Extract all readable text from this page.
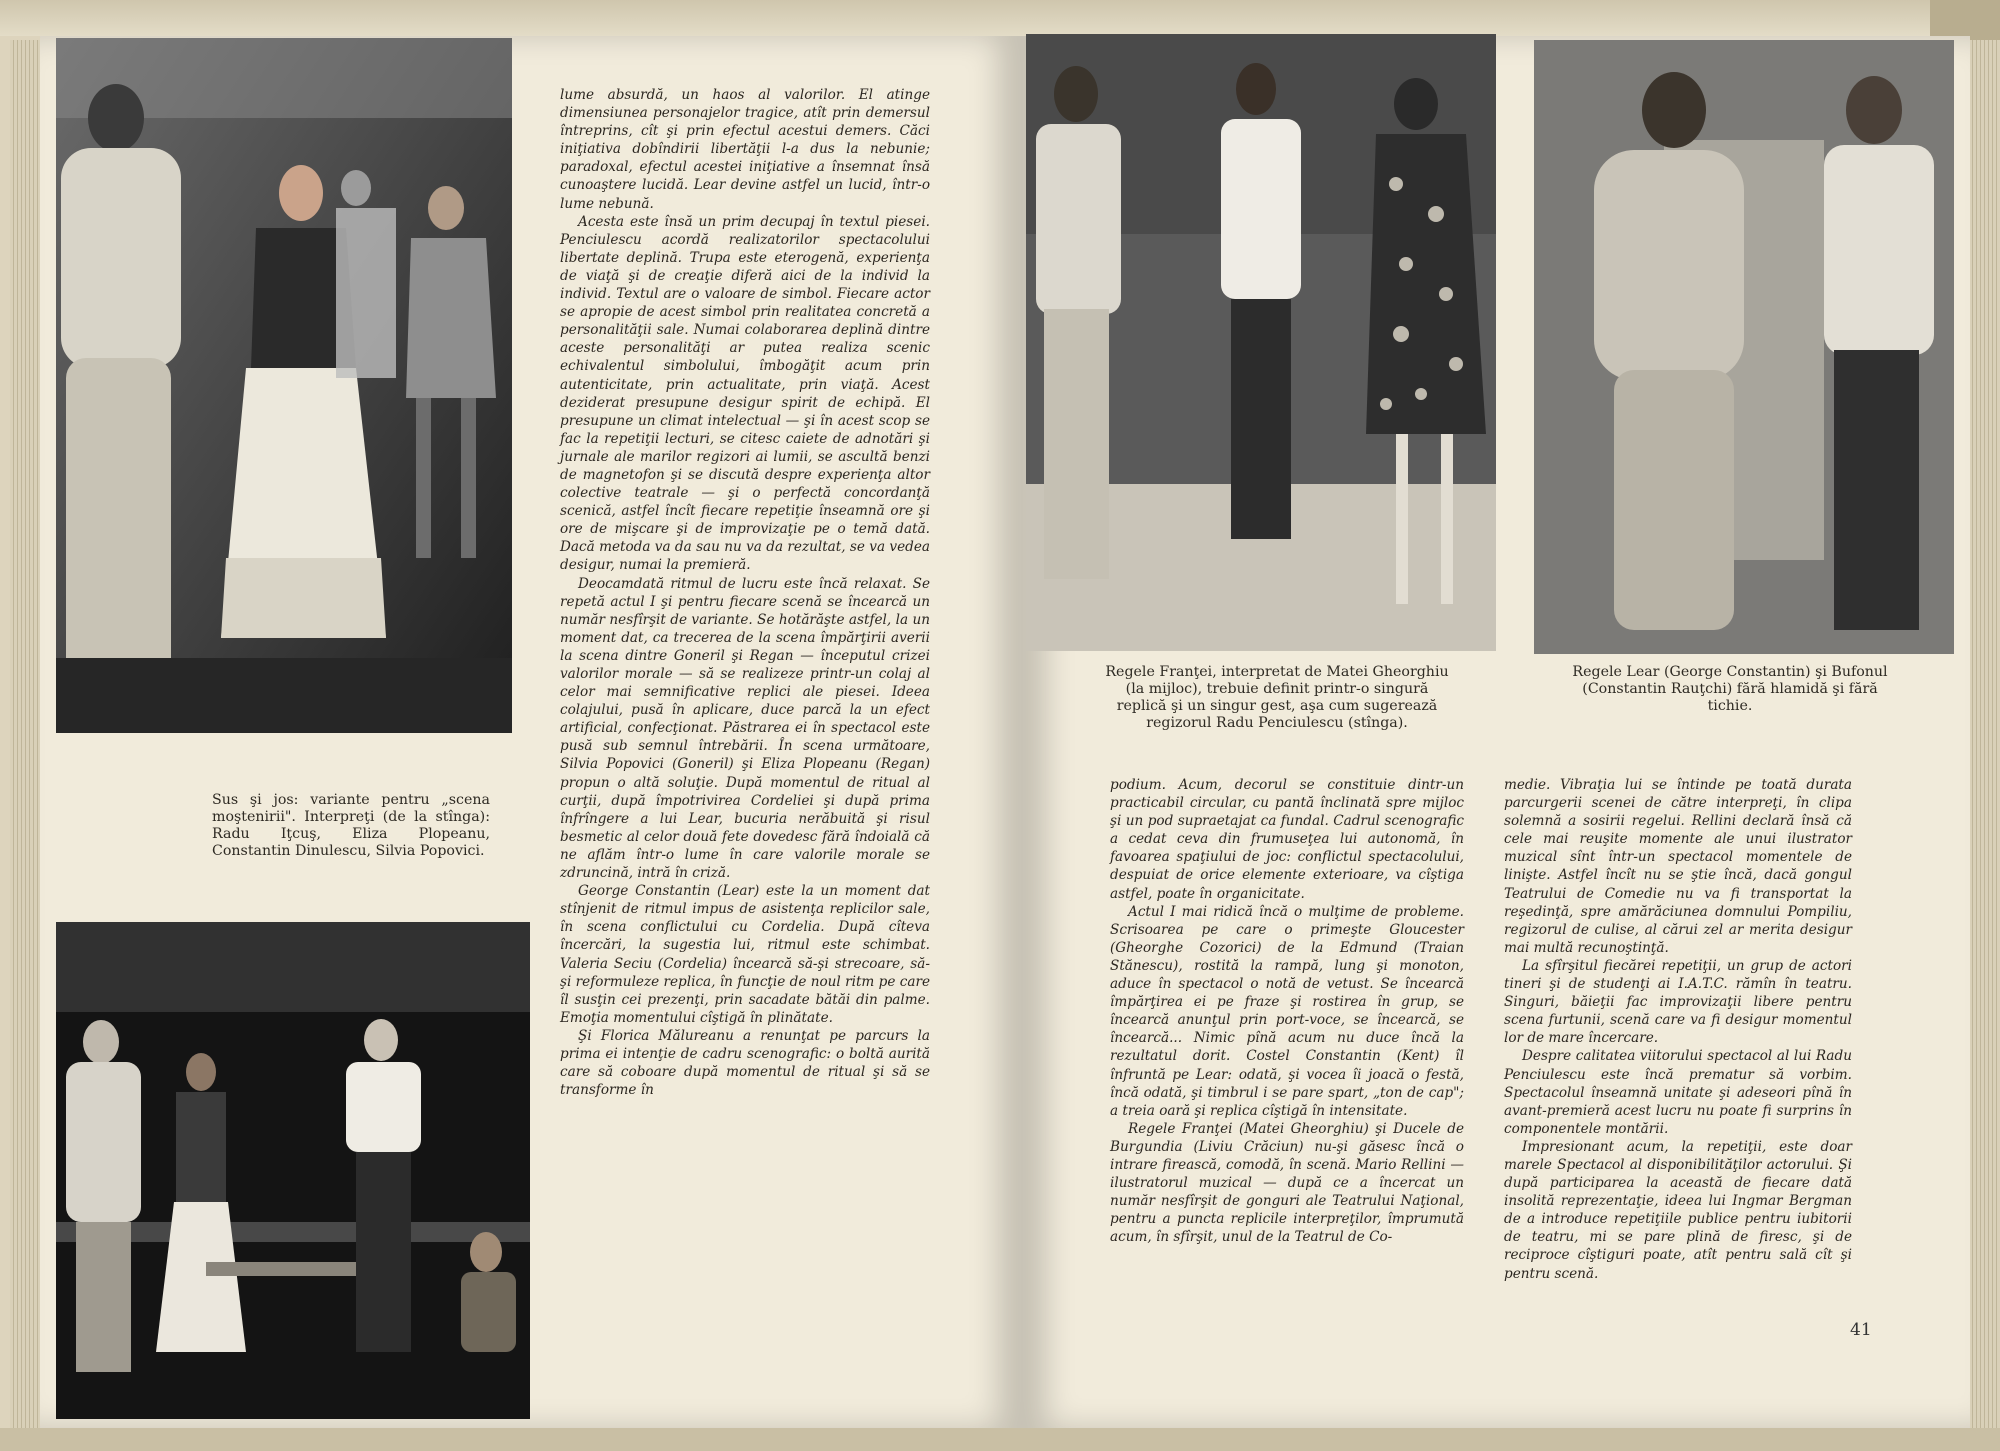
Sus şi jos: variante pentru „scena moştenirii". Interpreţi (de la stînga): Radu Iţcuş, Eliza Plopeanu, Constantin Dinulescu, Silvia Popovici.

lume absurdă, un haos al valorilor. El atinge dimensiunea personajelor tragice, atît prin demersul întreprins, cît şi prin efectul acestui demers. Căci iniţiativa dobîndirii libertăţii l-a dus la nebunie; paradoxal, efectul acestei iniţiative a însemnat însă cunoaştere lucidă. Lear devine astfel un lucid, într-o lume nebună.

Acesta este însă un prim decupaj în textul piesei. Penciulescu acordă realizatorilor spectacolului libertate deplină. Trupa este eterogenă, experienţa de viaţă şi de creaţie diferă aici de la individ la individ. Textul are o valoare de simbol. Fiecare actor se apropie de acest simbol prin realitatea concretă a personalităţii sale. Numai colaborarea deplină dintre aceste personalităţi ar putea realiza scenic echivalentul simbolului, îmbogăţit acum prin autenticitate, prin actualitate, prin viaţă. Acest deziderat presupune desigur spirit de echipă. El presupune un climat intelectual — şi în acest scop se fac la repetiţii lecturi, se citesc caiete de adnotări şi jurnale ale marilor regizori ai lumii, se ascultă benzi de magnetofon şi se discută despre experienţa altor colective teatrale — şi o perfectă concordanţă scenică, astfel încît fiecare repetiţie înseamnă ore şi ore de mişcare şi de improvizaţie pe o temă dată. Dacă metoda va da sau nu va da rezultat, se va vedea desigur, numai la premieră.

Deocamdată ritmul de lucru este încă relaxat. Se repetă actul I şi pentru fiecare scenă se încearcă un număr nesfîrşit de variante. Se hotărăşte astfel, la un moment dat, ca trecerea de la scena împărţirii averii la scena dintre Goneril şi Regan — începutul crizei valorilor morale — să se realizeze printr-un colaj al celor mai semnificative replici ale piesei. Ideea colajului, pusă în aplicare, duce parcă la un efect artificial, confecţionat. Păstrarea ei în spectacol este pusă sub semnul întrebării. În scena următoare, Silvia Popovici (Goneril) şi Eliza Plopeanu (Regan) propun o altă soluţie. După momentul de ritual al curţii, după împotrivirea Cordeliei şi după prima înfrîngere a lui Lear, bucuria nerăbuită şi risul besmetic al celor două fete dovedesc fără îndoială că ne aflăm într-o lume în care valorile morale se zdruncină, intră în criză.

George Constantin (Lear) este la un moment dat stînjenit de ritmul impus de asistenţa replicilor sale, în scena conflictului cu Cordelia. După cîteva încercări, la sugestia lui, ritmul este schimbat. Valeria Seciu (Cordelia) încearcă să-şi strecoare, să-şi reformuleze replica, în funcţie de noul ritm pe care îl susţin cei prezenţi, prin sacadate bătăi din palme. Emoţia momentului cîştigă în plinătate.

Şi Florica Mălureanu a renunţat pe parcurs la prima ei intenţie de cadru scenografic: o boltă aurită care să coboare după momentul de ritual şi să se transforme în

Regele Franţei, interpretat de Matei Gheorghiu (la mijloc), trebuie definit printr-o singură replică şi un singur gest, aşa cum sugerează regizorul Radu Penciulescu (stînga).
Regele Lear (George Constantin) şi Bufonul (Constantin Rauţchi) fără hlamidă şi fără tichie.

podium. Acum, decorul se constituie dintr-un practicabil circular, cu pantă înclinată spre mijloc şi un pod supraetajat ca fundal. Cadrul scenografic a cedat ceva din frumuseţea lui autonomă, în favoarea spaţiului de joc: conflictul spectacolului, despuiat de orice elemente exterioare, va cîştiga astfel, poate în organicitate.

Actul I mai ridică încă o mulţime de probleme. Scrisoarea pe care o primeşte Gloucester (Gheorghe Cozorici) de la Edmund (Traian Stănescu), rostită la rampă, lung şi monoton, aduce în spectacol o notă de vetust. Se încearcă împărţirea ei pe fraze şi rostirea în grup, se încearcă anunţul prin port-voce, se încearcă, se încearcă... Nimic pînă acum nu duce încă la rezultatul dorit. Costel Constantin (Kent) îl înfruntă pe Lear: odată, şi vocea îi joacă o festă, încă odată, şi timbrul i se pare spart, „ton de cap"; a treia oară şi replica cîştigă în intensitate.

Regele Franţei (Matei Gheorghiu) şi Ducele de Burgundia (Liviu Crăciun) nu-şi găsesc încă o intrare firească, comodă, în scenă. Mario Rellini — ilustratorul muzical — după ce a încercat un număr nesfîrşit de gonguri ale Teatrului Naţional, pentru a puncta replicile interpreţilor, împrumută acum, în sfîrşit, unul de la Teatrul de Co-

medie. Vibraţia lui se întinde pe toată durata parcurgerii scenei de către interpreţi, în clipa solemnă a sosirii regelui. Rellini declară însă că cele mai reuşite momente ale unui ilustrator muzical sînt într-un spectacol momentele de linişte. Astfel încît nu se ştie încă, dacă gongul Teatrului de Comedie nu va fi transportat la reşedinţă, spre amărăciunea domnului Pompiliu, regizorul de culise, al cărui zel ar merita desigur mai multă recunoştinţă.

La sfîrşitul fiecărei repetiţii, un grup de actori tineri şi de studenţi ai I.A.T.C. rămîn în teatru. Singuri, băieţii fac improvizaţii libere pentru scena furtunii, scenă care va fi desigur momentul lor de mare încercare.

Despre calitatea viitorului spectacol al lui Radu Penciulescu este încă prematur să vorbim. Spectacolul înseamnă unitate şi adeseori pînă în avant-premieră acest lucru nu poate fi surprins în componentele montării.

Impresionant acum, la repetiţii, este doar marele Spectacol al disponibilităţilor actorului. Şi după participarea la această de fiecare dată insolită reprezentaţie, ideea lui Ingmar Bergman de a introduce repetiţiile publice pentru iubitorii de teatru, mi se pare plină de firesc, şi de reciproce cîştiguri poate, atît pentru sală cît şi pentru scenă.

41
